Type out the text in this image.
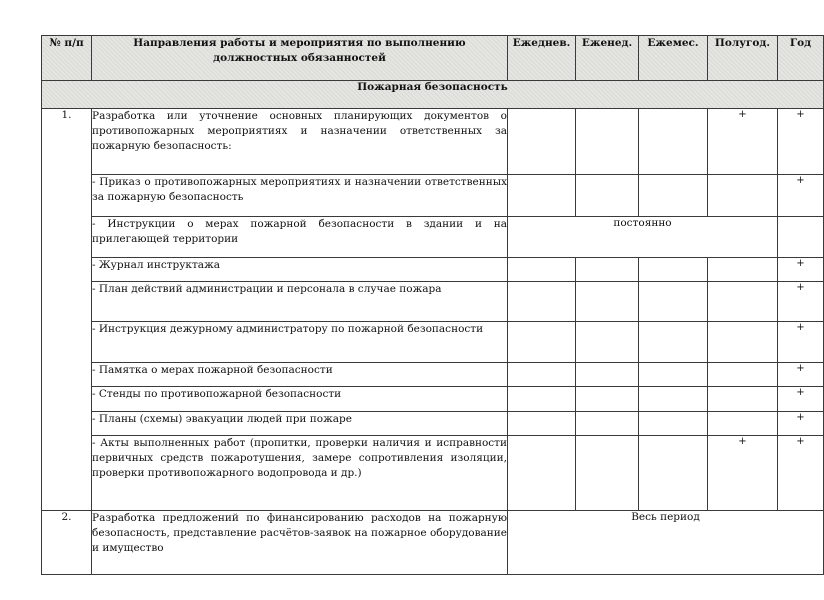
№ п/п	Направления работы и мероприятия по выполнению должностных обязанностей	Ежеднев.	Еженед.	Ежемес.	Полугод.	Год
Пожарная безопасность						
1.	Разработка или уточнение основных планирующих документов о противопожарных мероприятиях и назначении ответственных за пожарную безопасность:				+	+
	- Приказ о противопожарных мероприятиях и назначении ответственных за пожарную безопасность					+
	- Инструкции о мерах пожарной безопасности в здании и на прилегающей территории	постоянно				
	- Журнал инструктажа					+
	- План действий администрации и персонала в случае пожара					+
	- Инструкция дежурному администратору по пожарной безопасности					+
	- Памятка о мерах пожарной безопасности					+
	- Стенды по противопожарной безопасности					+
	- Планы (схемы) эвакуации людей при пожаре					+
	- Акты выполненных работ (пропитки, проверки наличия и исправности первичных средств пожаротушения, замере сопротивления изоляции, проверки противопожарного водопровода и др.)				+	+
2.	Разработка предложений по финансированию расходов на пожарную безопасность, представление расчётов-заявок на пожарное оборудование и имущество	Весь период				
